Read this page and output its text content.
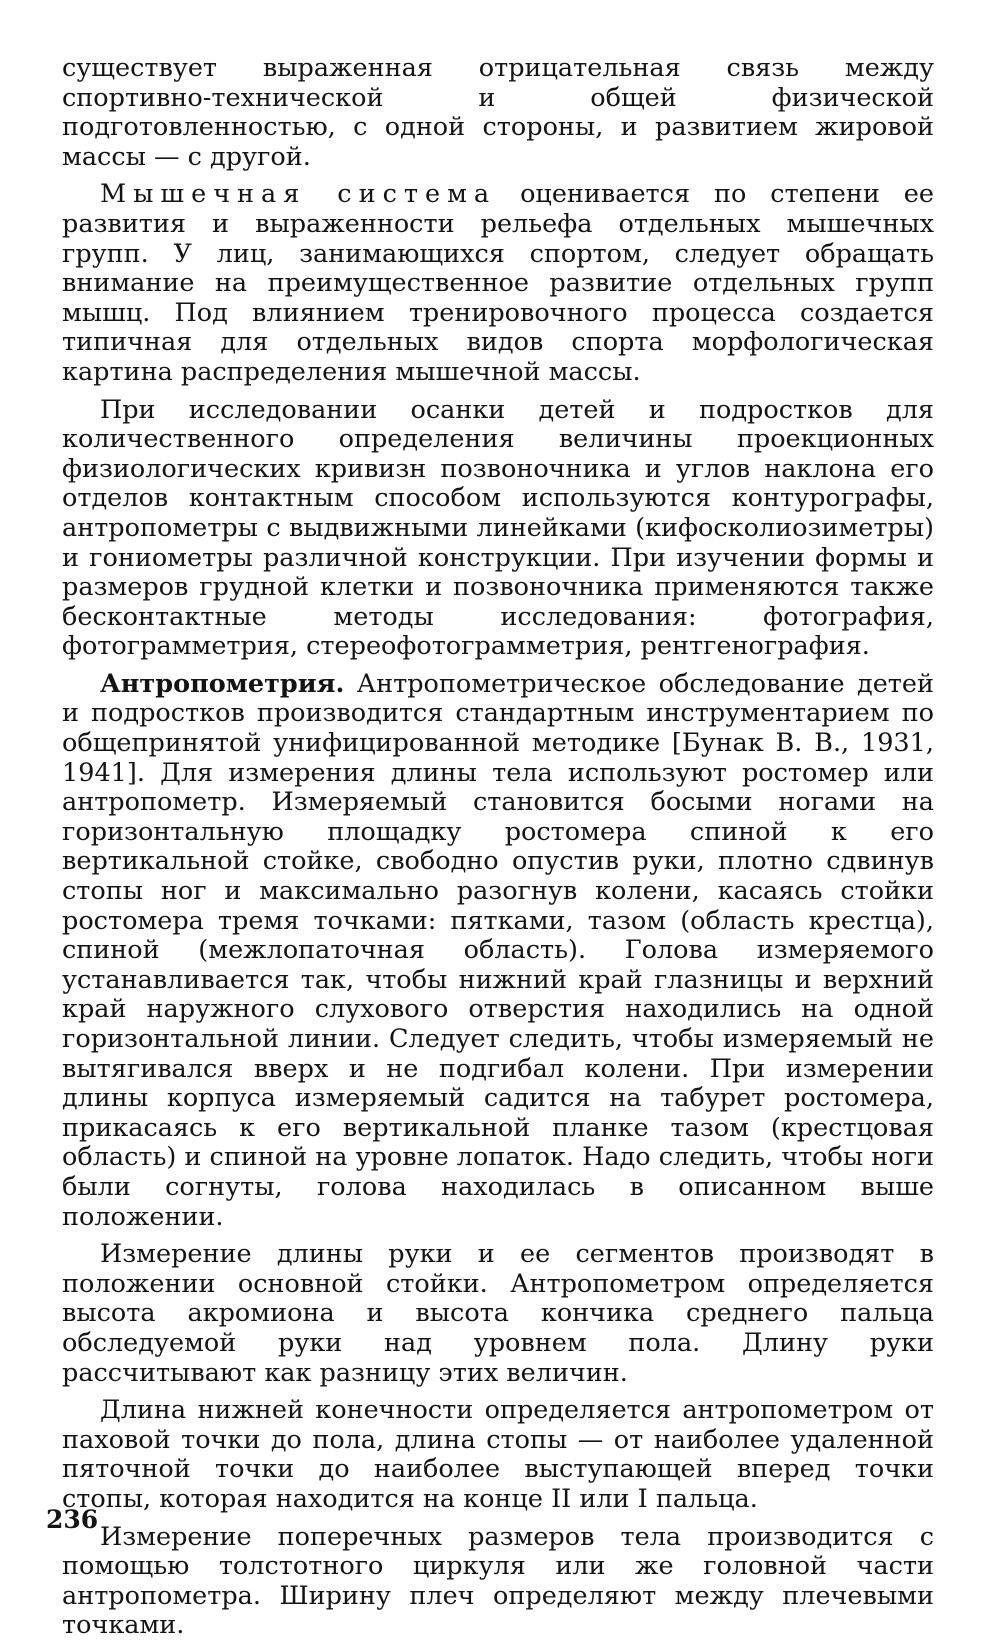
существует выраженная отрицательная связь между спортивно-технической и общей физической подготовленностью, с одной стороны, и развитием жировой массы — с другой.

Мышечная система оценивается по степени ее развития и выраженности рельефа отдельных мышечных групп. У лиц, занимающихся спортом, следует обращать внимание на преимущественное развитие отдельных групп мышц. Под влиянием тренировочного процесса создается типичная для отдельных видов спорта морфологическая картина распределения мышечной массы.

При исследовании осанки детей и подростков для количественного определения величины проекционных физиологических кривизн позвоночника и углов наклона его отделов контактным способом используются контурографы, антропометры с выдвижными линейками (кифосколиозиметры) и гониометры различной конструкции. При изучении формы и размеров грудной клетки и позвоночника применяются также бесконтактные методы исследования: фотография, фотограмметрия, стереофотограмметрия, рентгенография.

Антропометрия. Антропометрическое обследование детей и подростков производится стандартным инструментарием по общепринятой унифицированной методике [Бунак В. В., 1931, 1941]. Для измерения длины тела используют ростомер или антропометр. Измеряемый становится босыми ногами на горизонтальную площадку ростомера спиной к его вертикальной стойке, свободно опустив руки, плотно сдвинув стопы ног и максимально разогнув колени, касаясь стойки ростомера тремя точками: пятками, тазом (область крестца), спиной (межлопаточная область). Голова измеряемого устанавливается так, чтобы нижний край глазницы и верхний край наружного слухового отверстия находились на одной горизонтальной линии. Следует следить, чтобы измеряемый не вытягивался вверх и не подгибал колени. При измерении длины корпуса измеряемый садится на табурет ростомера, прикасаясь к его вертикальной планке тазом (крестцовая область) и спиной на уровне лопаток. Надо следить, чтобы ноги были согнуты, голова находилась в описанном выше положении.

Измерение длины руки и ее сегментов производят в положении основной стойки. Антропометром определяется высота акромиона и высота кончика среднего пальца обследуемой руки над уровнем пола. Длину руки рассчитывают как разницу этих величин.

Длина нижней конечности определяется антропометром от паховой точки до пола, длина стопы — от наиболее удаленной пяточной точки до наиболее выступающей вперед точки стопы, которая находится на конце II или I пальца.

Измерение поперечных размеров тела производится с помощью толстотного циркуля или же головной части антропометра. Ширину плеч определяют между плечевыми точками.

236
